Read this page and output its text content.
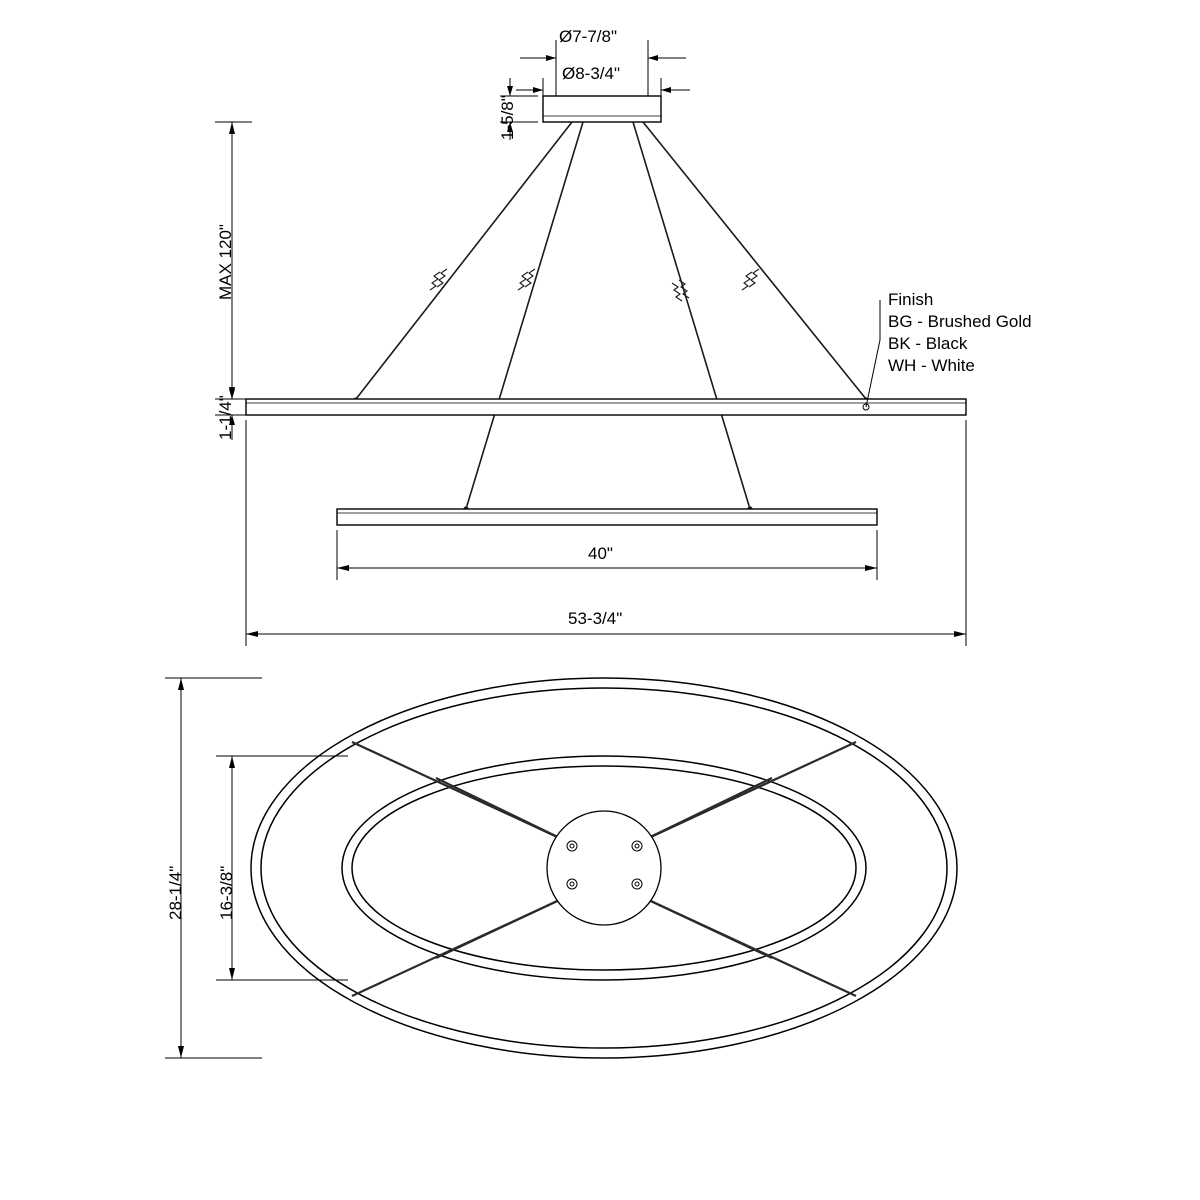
Ø7-7/8"
Ø8-3/4"
1-5/8"
MAX 120"
1-1/4"
40"
53-3/4"
28-1/4" 16-3/8"
Finish
BG - Brushed Gold
BK - Black
WH - White
